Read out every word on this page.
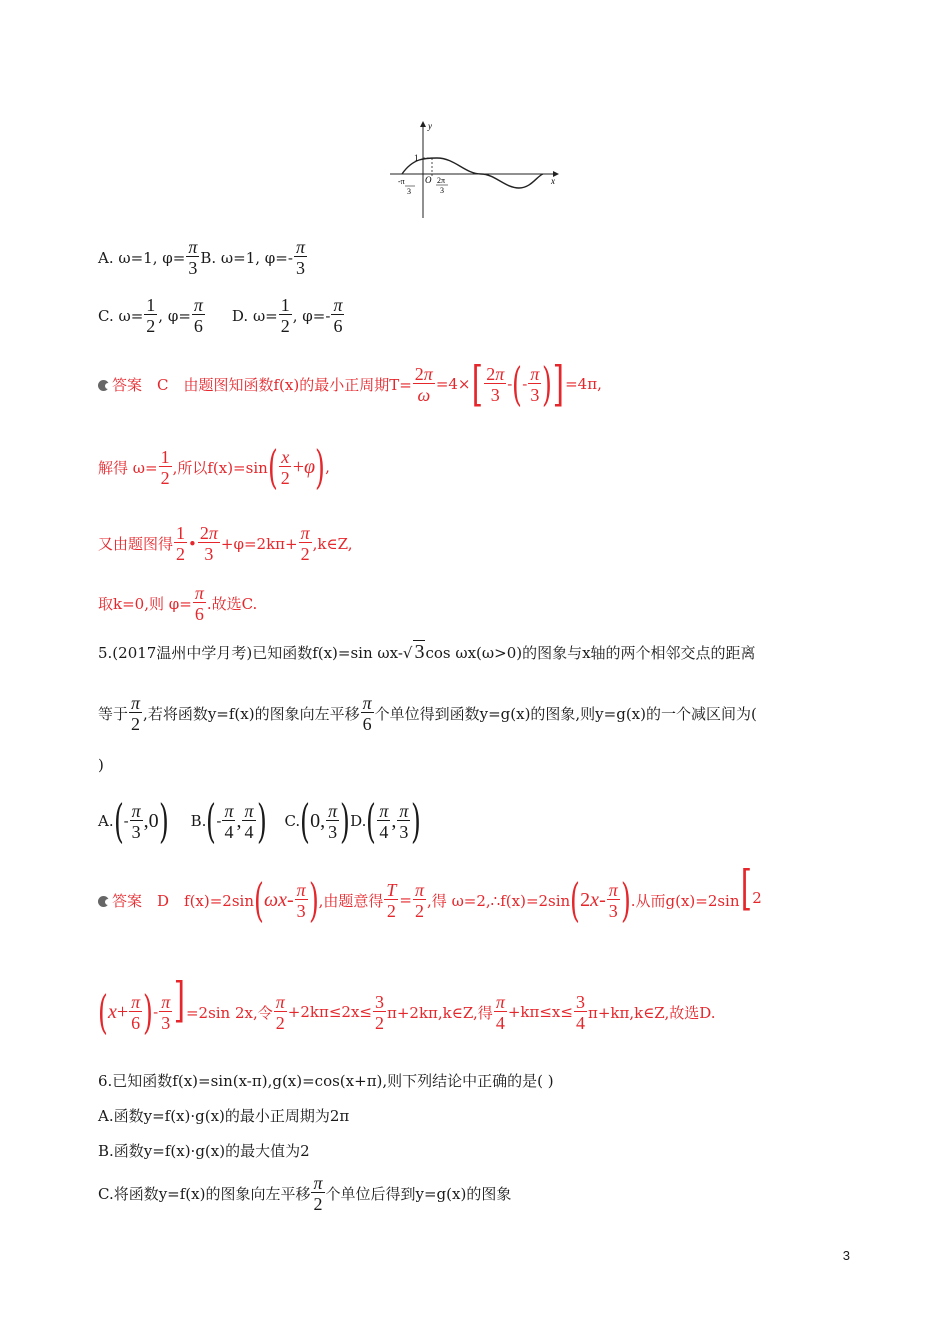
y
x
1
O
-π
3
2π
3
A. ω=1, $\varphi= \frac{\pi}{3} B$. ω=1, $\varphi=- \frac{\pi}{3}$
C. $\omega= \frac{1}{2}$ , $\varphi= \frac{\pi}{6} D$. $\omega= \frac{1}{2}$ , $\varphi=- \frac{\pi}{6}$
答案　C　由题图知函数f(x)的最小正周期$T= \frac{2\pi}{\omega} =4\times$ [ $\frac{2\pi}{3}$ - ( - $\frac{\pi}{3}$ ) ] =4π,
解得 $\omega= \frac{1}{2}$ ,所以f(x)=sin ( $\frac{x}{2} +\varphi$ ) ,
又由题图得 $\frac{1}{2}$ • $\frac{2\pi}{3} +\varphi=2k\pi+ \frac{\pi}{2}$ ,k∈Z,
取k=0,则 $\varphi= \frac{\pi}{6}$ .故选C.
5.(2017温州中学月考)已知函数f(x)=sin ωx-√ 3 cos ωx(ω>0)的图象与x轴的两个相邻交点的距离
等于 $\frac{\pi}{2}$ ,若将函数y=f(x)的图象向左平移 $\frac{\pi}{6}$ 个单位得到函数y=g(x)的图象,则y=g(x)的一个减区间为(
)
A. ( - $\frac{\pi}{3} ,0$ ) B. ( - $\frac{\pi}{4}$ , $\frac{\pi}{4}$ ) C. ( 0, $\frac{\pi}{3}$ ) D. ( $\frac{\pi}{4}$ , $\frac{\pi}{3}$ )
答案　D　f(x)=2sin ( ωx - $\frac{\pi}{3}$ ) ,由题意得 $\frac{T}{2} = \frac{\pi}{2}$ ,得 ω=2,∴f(x)=2sin ( $2x- \frac{\pi}{3}$ ) .从而g(x)=2sin [ 2
( $x + \frac{\pi}{6}$ ) - $\frac{\pi}{3}$ ] =2sin 2x,令 $\frac{\pi}{2} +2k\pi\le 2x\le \frac{3}{2}$ π+2kπ,k∈Z,得 $\frac{\pi}{4} +k\pi\le x\le \frac{3}{4}$ π+kπ,k∈Z,故选D.
6.已知函数f(x)=sin(x-π),g(x)=cos(x+π),则下列结论中正确的是( )
A.函数y=f(x)·g(x)的最小正周期为2π
B.函数y=f(x)·g(x)的最大值为2
C.将函数y=f(x)的图象向左平移 $\frac{\pi}{2}$ 个单位后得到y=g(x)的图象
3
